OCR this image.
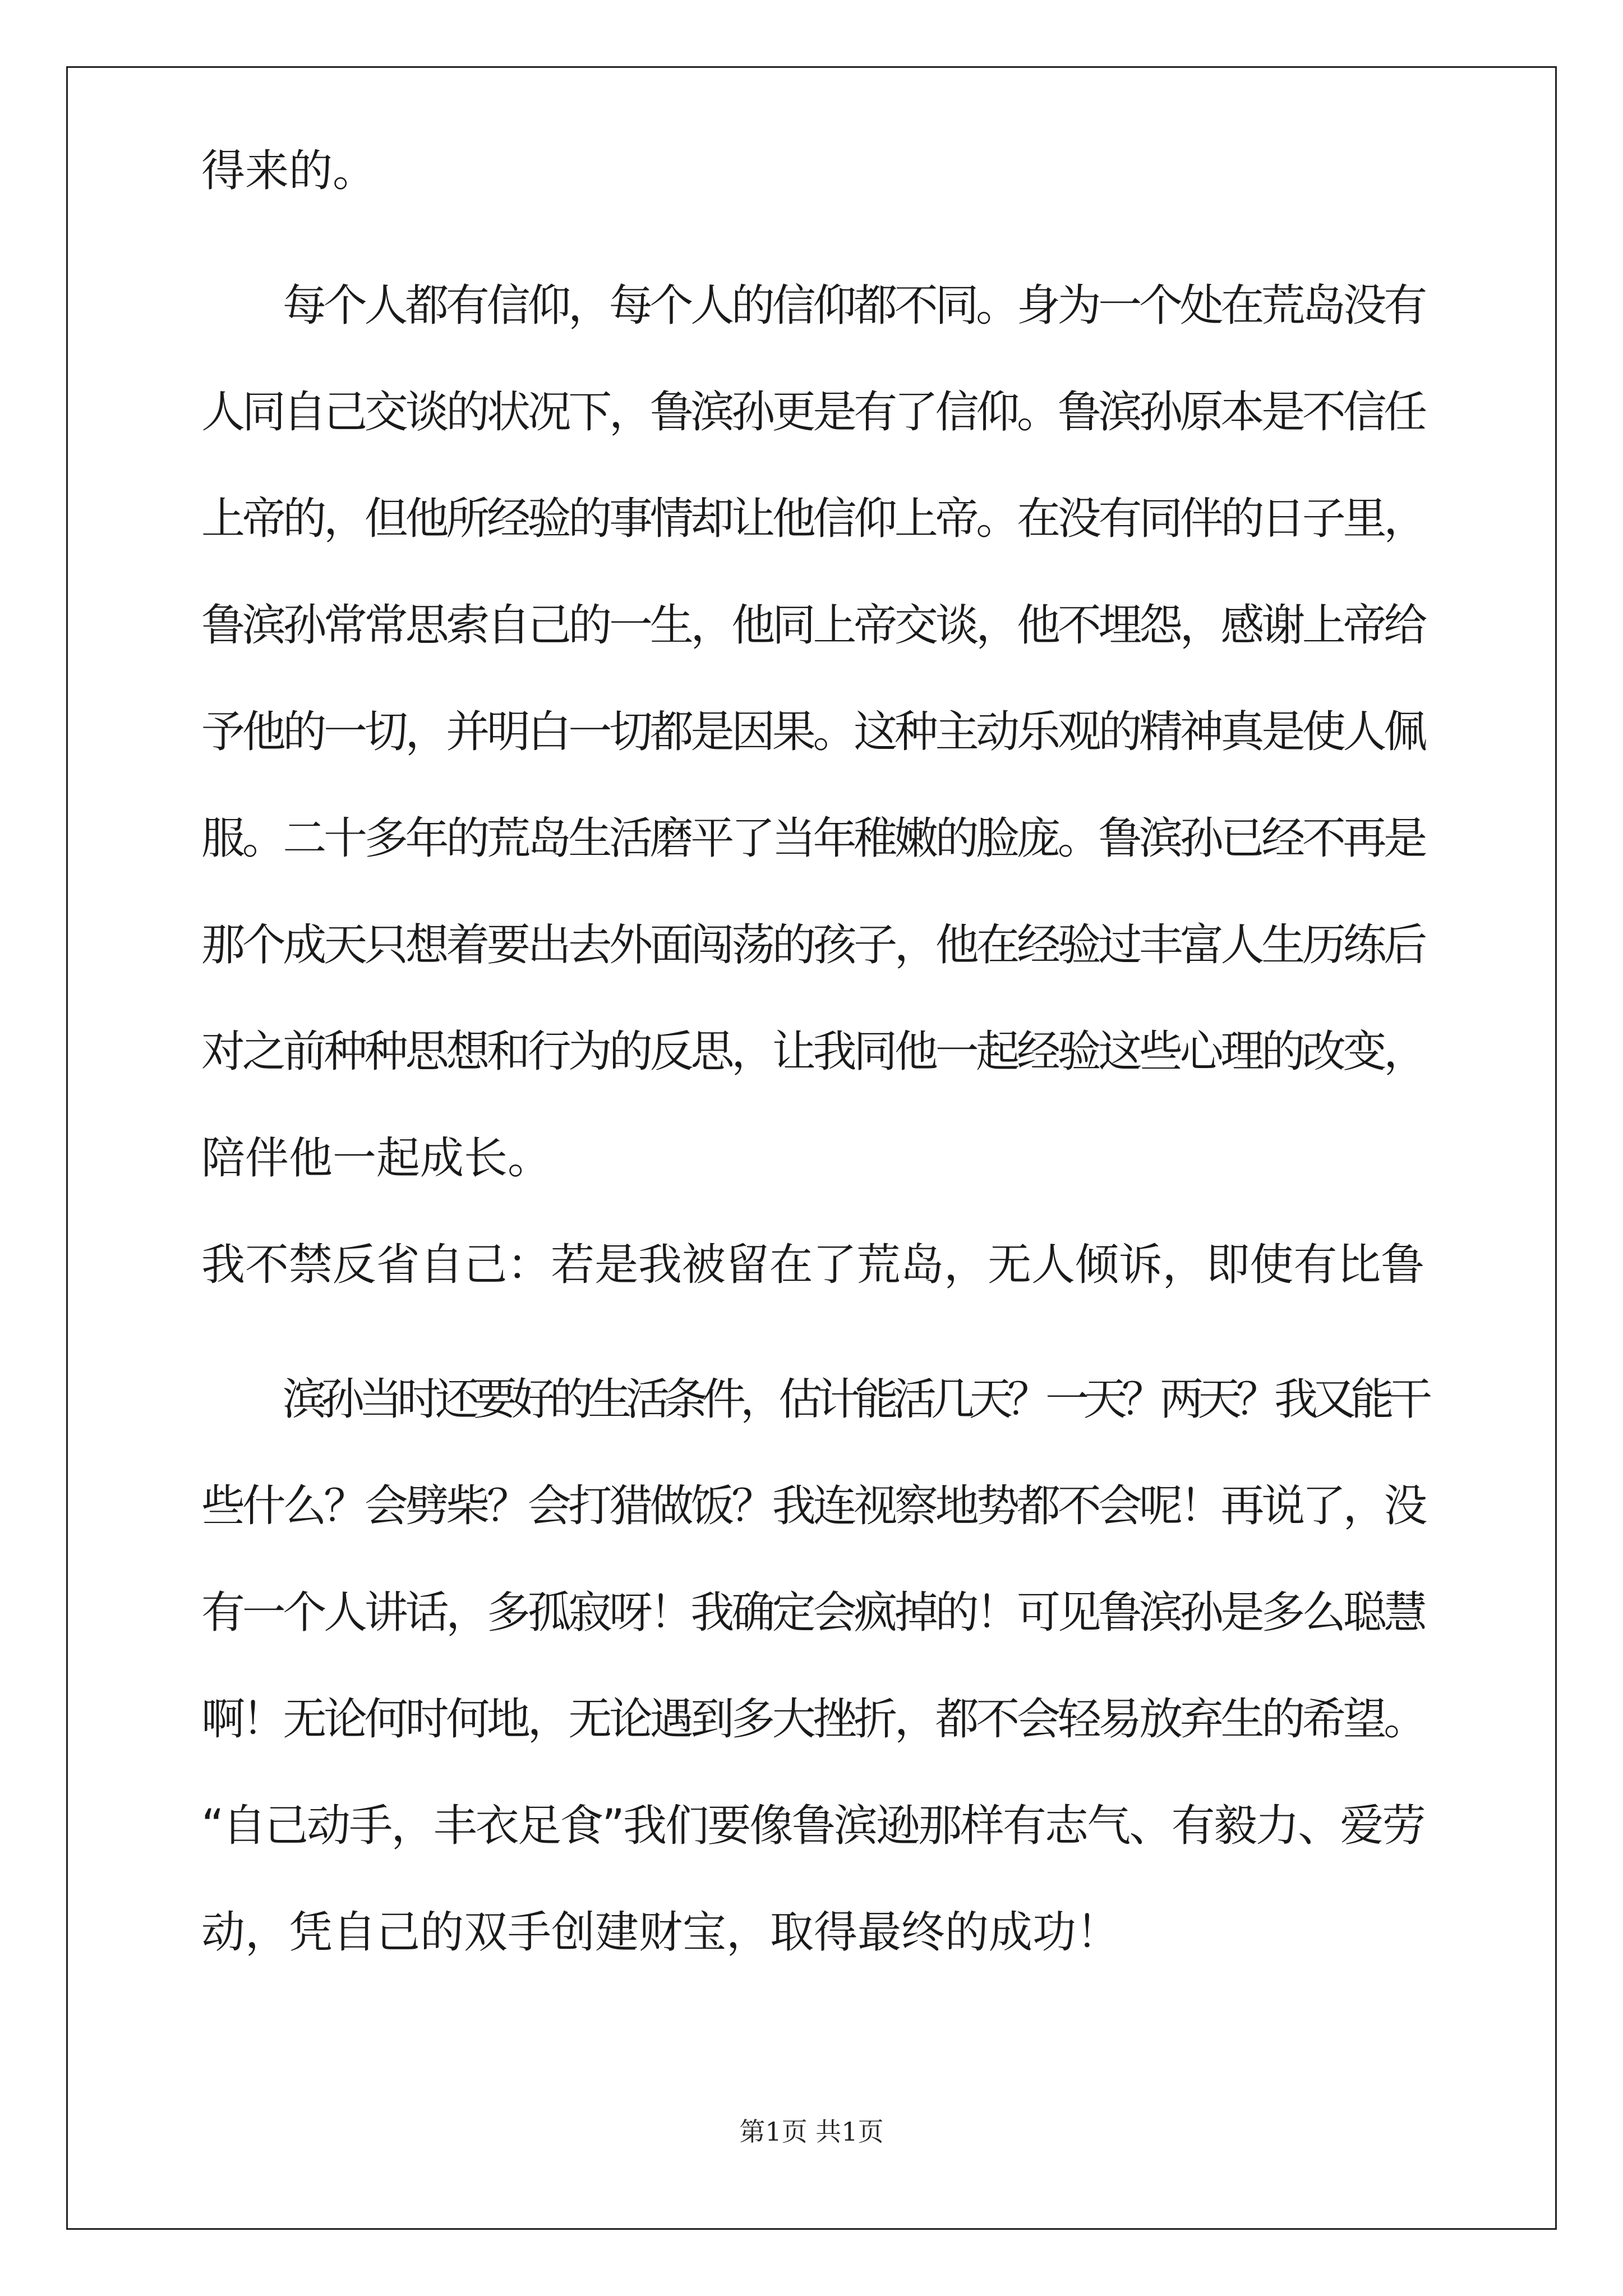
得来的。
每个人都有信仰，每个人的信仰都不同。身为一个处在荒岛没有
人同自己交谈的状况下，鲁滨孙更是有了信仰。鲁滨孙原本是不信任
上帝的，但他所经验的事情却让他信仰上帝。在没有同伴的日子里，
鲁滨孙常常思索自己的一生，他同上帝交谈，他不埋怨，感谢上帝给
予他的一切，并明白一切都是因果。这种主动乐观的精神真是使人佩
服。二十多年的荒岛生活磨平了当年稚嫩的脸庞。鲁滨孙已经不再是
那个成天只想着要出去外面闯荡的孩子，他在经验过丰富人生历练后
对之前种种思想和行为的反思，让我同他一起经验这些心理的改变，
陪伴他一起成长。
我不禁反省自己：若是我被留在了荒岛，无人倾诉，即使有比鲁
滨孙当时还要好的生活条件，估计能活几天？一天？两天？我又能干
些什么？会劈柴？会打猎做饭？我连视察地势都不会呢！再说了，没
有一个人讲话，多孤寂呀！我确定会疯掉的！可见鲁滨孙是多么聪慧
啊！无论何时何地，无论遇到多大挫折，都不会轻易放弃生的希望。
“自己动手，丰衣足食”我们要像鲁滨逊那样有志气、有毅力、爱劳
动，凭自己的双手创建财宝，取得最终的成功！
第1页 共1页
